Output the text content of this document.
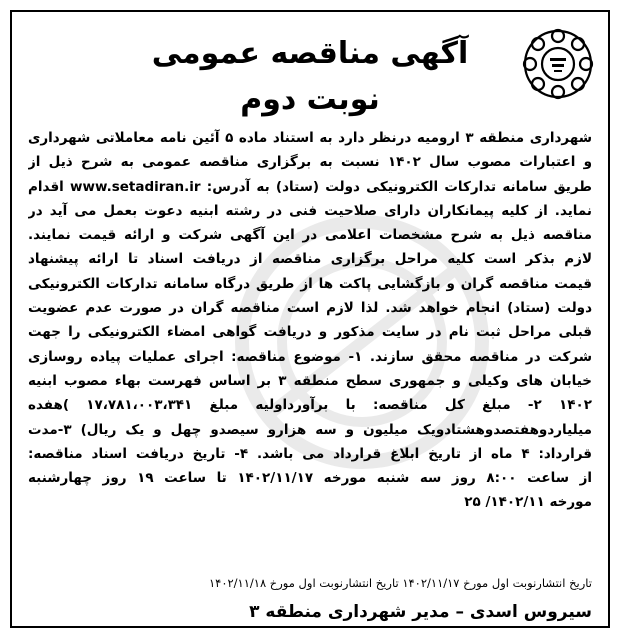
آگهی مناقصه عمومی
نوبت دوم
شهرداری منطقه ۳ ارومیه درنظر دارد به استناد ماده ۵ آئین نامه معاملاتی شهرداری
و اعتبارات مصوب سال ۱۴۰۲ نسبت به برگزاری مناقصه عمومی به شرح ذیل از
طریق سامانه تدارکات الکترونیکی دولت (ستاد) به آدرس: www.setadiran.ir اقدام
نماید. از کلیه پیمانکاران دارای صلاحیت فنی در رشته ابنیه دعوت بعمل می آید در
مناقصه ذیل به شرح مشخصات اعلامی در این آگهی شرکت و ارائه قیمت نمایند.
لازم بذکر است کلیه مراحل برگزاری مناقصه از دریافت اسناد تا ارائه پیشنهاد
قیمت مناقصه گران و بازگشایی پاکت ها از طریق درگاه سامانه تدارکات الکترونیکی
دولت (ستاد) انجام خواهد شد. لذا لازم است مناقصه گران در صورت عدم عضویت
قبلی مراحل ثبت نام در سایت مذکور و دریافت گواهی امضاء الکترونیکی را جهت
شرکت در مناقصه محقق سازند. ۱- موضوع مناقصه: اجرای عملیات پیاده روسازی
خیابان های وکیلی و جمهوری سطح منطقه ۳ بر اساس فهرست بهاء مصوب ابنیه
۱۴۰۲ ۲- مبلغ کل مناقصه: با برآورداولیه مبلغ ۱۷،۷۸۱،۰۰۳،۳۴۱ )هفده
میلیاردوهفتصدوهشتادویک میلیون و سه هزارو سیصدو چهل و یک ریال) ۳-مدت
قرارداد: ۴ ماه از تاریخ ابلاغ قرارداد می باشد. ۴- تاریخ دریافت اسناد مناقصه:
از ساعت ۸:۰۰ روز سه شنبه مورخه ۱۴۰۲/۱۱/۱۷ تا ساعت ۱۹ روز چهارشنبه
مورخه ۱۴۰۲/۱۱/ ۲۵
تاریخ انتشارنوبت اول مورخ ۱۴۰۲/۱۱/۱۷ تاریخ انتشارنوبت اول مورخ ۱۴۰۲/۱۱/۱۸
سیروس اسدی – مدیر شهرداری منطقه ۳
